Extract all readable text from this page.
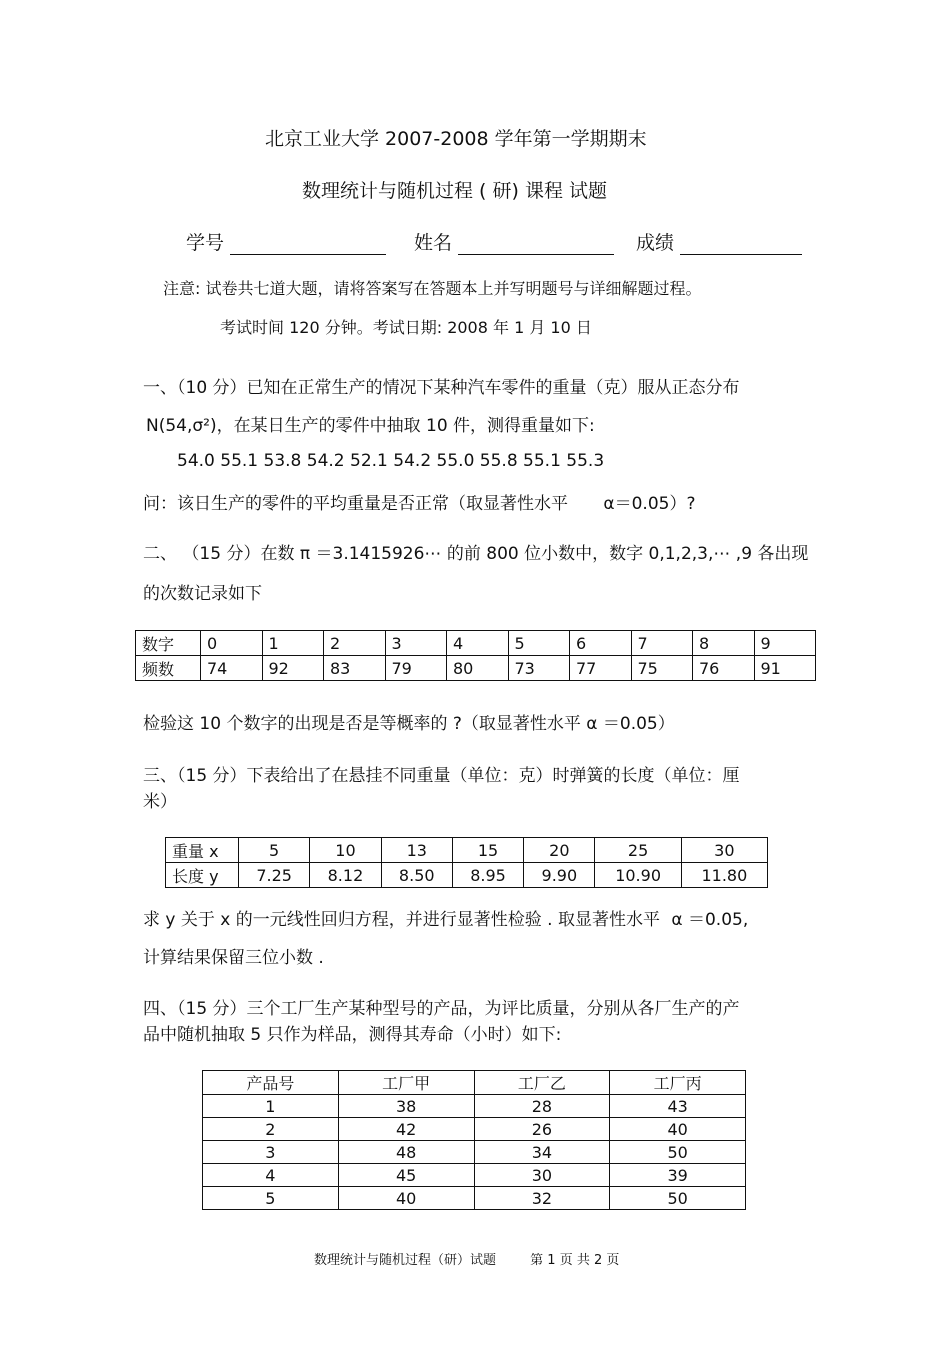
北京工业大学 2007-2008 学年第一学期期末
数理统计与随机过程 ( 研) 课程 试题
学号	姓名	成绩
注意: 试卷共七道大题，请将答案写在答题本上并写明题号与详细解题过程。
考试时间 120 分钟。考试日期: 2008 年 1 月 10 日
一、（10 分）已知在正常生产的情况下某种汽车零件的重量（克）服从正态分布
N(54,σ²)，在某日生产的零件中抽取 10 件，测得重量如下:
54.0 55.1 53.8 54.2 52.1 54.2 55.0 55.8 55.1 55.3
问：该日生产的零件的平均重量是否正常（取显著性水平 α＝0.05）?
二、 （15 分）在数 π ＝3.1415926⋯ 的前 800 位小数中，数字 0,1,2,3,⋯ ,9 各出现
的次数记录如下
数字	0	1	2	3	4	5	6	7	8	9
频数	74	92	83	79	80	73	77	75	76	91
检验这 10 个数字的出现是否是等概率的 ?（取显著性水平 α ＝0.05）
三、（15 分）下表给出了在悬挂不同重量（单位：克）时弹簧的长度（单位：厘
米）
重量 x	5	10	13	15	20	25	30
长度 y	7.25	8.12	8.50	8.95	9.90	10.90	11.80
求 y 关于 x 的一元线性回归方程，并进行显著性检验 . 取显著性水平 α ＝0.05,
计算结果保留三位小数 .
四、（15 分）三个工厂生产某种型号的产品，为评比质量，分别从各厂生产的产
品中随机抽取 5 只作为样品，测得其寿命（小时）如下:
产品号	工厂甲	工厂乙	工厂丙
1	38	28	43
2	42	26	40
3	48	34	50
4	45	30	39
5	40	32	50
数理统计与随机过程（研）试题	第 1 页 共 2 页
